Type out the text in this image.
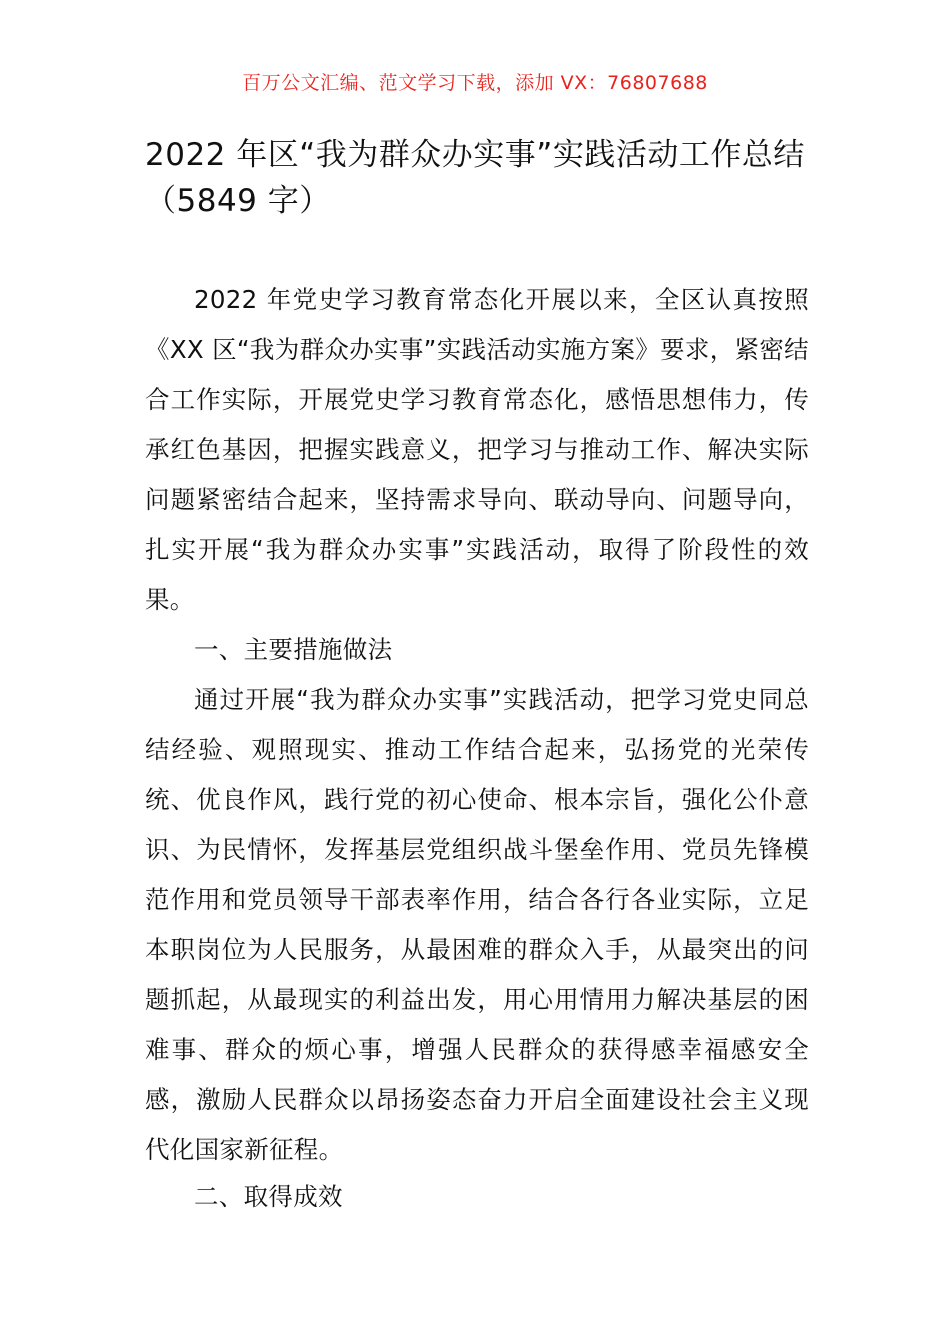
百万公文汇编、范文学习下载，添加 VX：76807688
2022 年区“我为群众办实事”实践活动工作总结（5849 字）

2022 年党史学习教育常态化开展以来，全区认真按照《XX 区“我为群众办实事”实践活动实施方案》要求，紧密结合工作实际，开展党史学习教育常态化，感悟思想伟力，传承红色基因，把握实践意义，把学习与推动工作、解决实际问题紧密结合起来，坚持需求导向、联动导向、问题导向，扎实开展“我为群众办实事”实践活动，取得了阶段性的效果。

一、主要措施做法

通过开展“我为群众办实事”实践活动，把学习党史同总结经验、观照现实、推动工作结合起来，弘扬党的光荣传统、优良作风，践行党的初心使命、根本宗旨，强化公仆意识、为民情怀，发挥基层党组织战斗堡垒作用、党员先锋模范作用和党员领导干部表率作用，结合各行各业实际，立足本职岗位为人民服务，从最困难的群众入手，从最突出的问题抓起，从最现实的利益出发，用心用情用力解决基层的困难事、群众的烦心事，增强人民群众的获得感幸福感安全感，激励人民群众以昂扬姿态奋力开启全面建设社会主义现代化国家新征程。

二、取得成效
